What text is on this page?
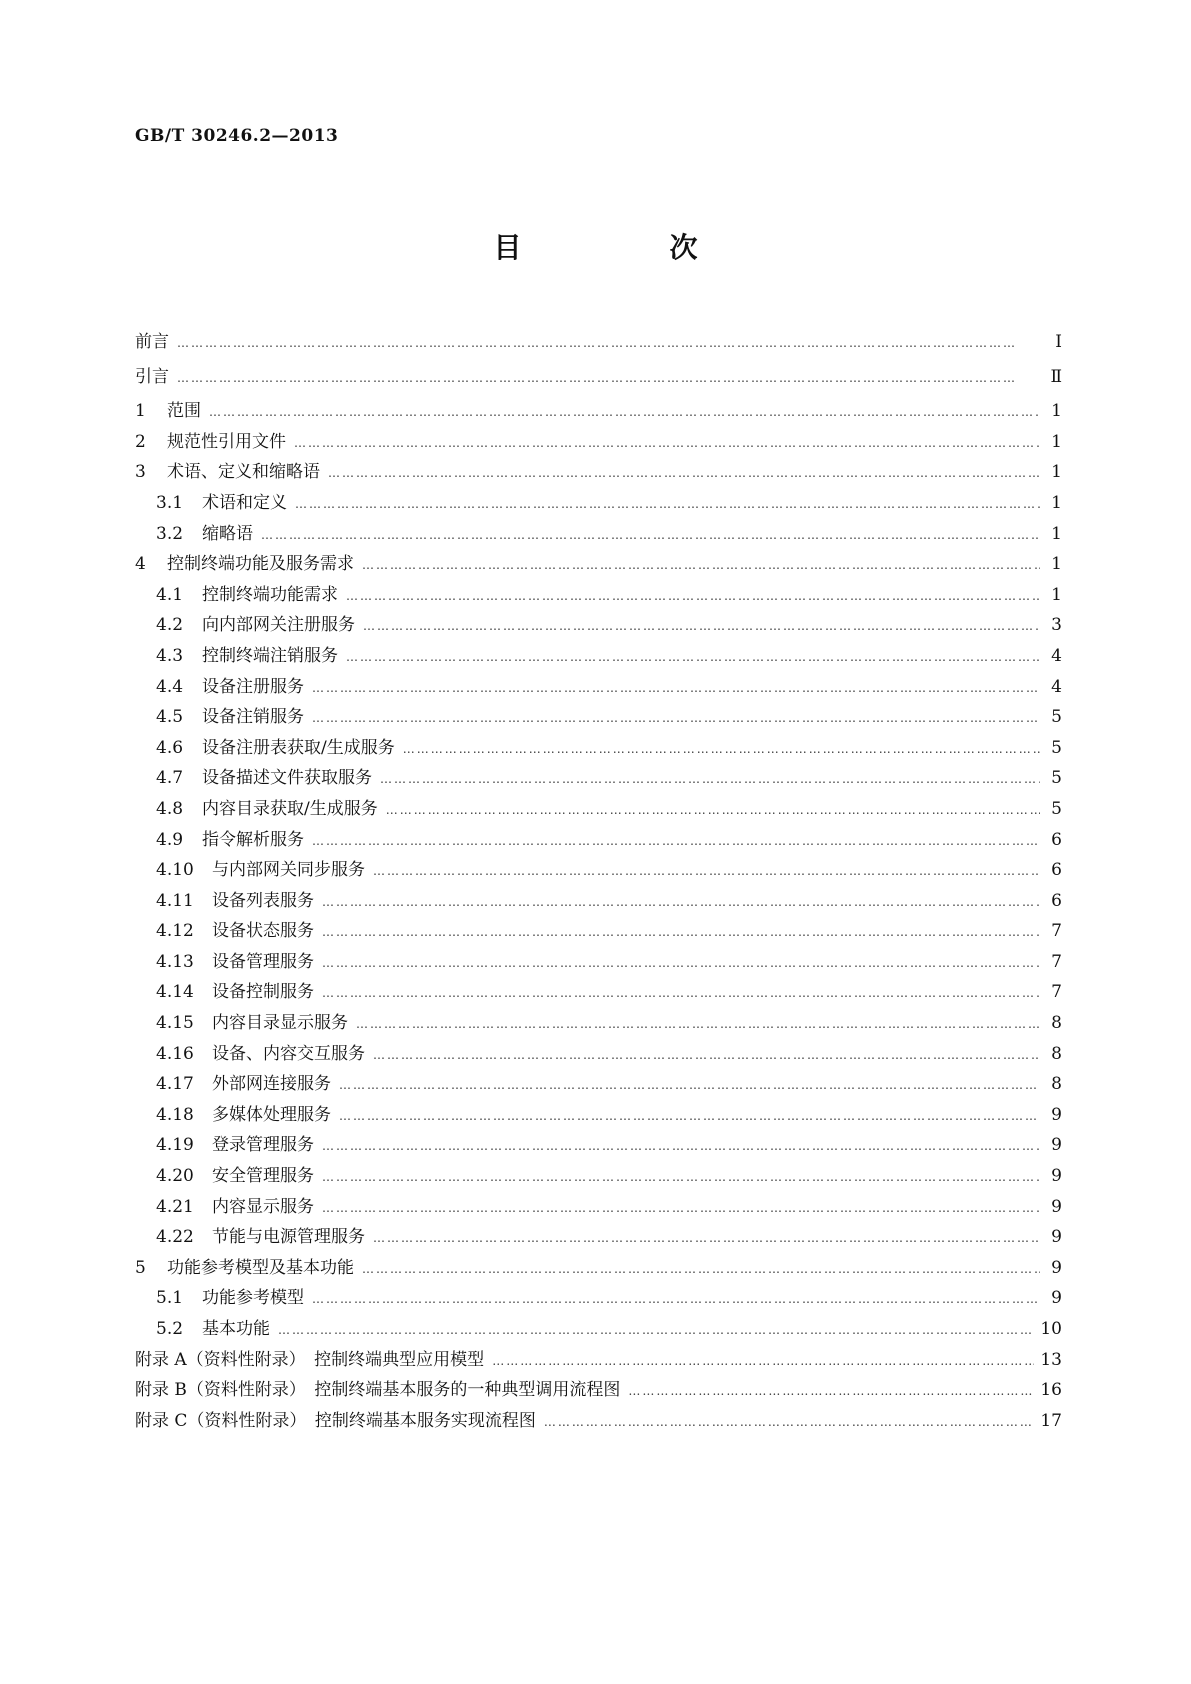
GB/T 30246.2—2013
目　次
前言 ………………………………………………………………………………………………………………………………………………………………	Ⅰ
引言 ………………………………………………………………………………………………………………………………………………………………	Ⅱ
1	范围 ………………………………………………………………………………………………………………………………………………………………	1
2	规范性引用文件 ………………………………………………………………………………………………………………………………………………………………	1
3	术语、定义和缩略语 ………………………………………………………………………………………………………………………………………………………………	1
3.1	术语和定义 ………………………………………………………………………………………………………………………………………………………………	1
3.2	缩略语 ………………………………………………………………………………………………………………………………………………………………	1
4	控制终端功能及服务需求 ………………………………………………………………………………………………………………………………………………………………	1
4.1	控制终端功能需求 ………………………………………………………………………………………………………………………………………………………………	1
4.2	向内部网关注册服务 ………………………………………………………………………………………………………………………………………………………………	3
4.3	控制终端注销服务 ………………………………………………………………………………………………………………………………………………………………	4
4.4	设备注册服务 ………………………………………………………………………………………………………………………………………………………………	4
4.5	设备注销服务 ………………………………………………………………………………………………………………………………………………………………	5
4.6	设备注册表获取/生成服务 ………………………………………………………………………………………………………………………………………………………………	5
4.7	设备描述文件获取服务 ………………………………………………………………………………………………………………………………………………………………	5
4.8	内容目录获取/生成服务 ………………………………………………………………………………………………………………………………………………………………	5
4.9	指令解析服务 ………………………………………………………………………………………………………………………………………………………………	6
4.10	与内部网关同步服务 ………………………………………………………………………………………………………………………………………………………………	6
4.11	设备列表服务 ………………………………………………………………………………………………………………………………………………………………	6
4.12	设备状态服务 ………………………………………………………………………………………………………………………………………………………………	7
4.13	设备管理服务 ………………………………………………………………………………………………………………………………………………………………	7
4.14	设备控制服务 ………………………………………………………………………………………………………………………………………………………………	7
4.15	内容目录显示服务 ………………………………………………………………………………………………………………………………………………………………	8
4.16	设备、内容交互服务 ………………………………………………………………………………………………………………………………………………………………	8
4.17	外部网连接服务 ………………………………………………………………………………………………………………………………………………………………	8
4.18	多媒体处理服务 ………………………………………………………………………………………………………………………………………………………………	9
4.19	登录管理服务 ………………………………………………………………………………………………………………………………………………………………	9
4.20	安全管理服务 ………………………………………………………………………………………………………………………………………………………………	9
4.21	内容显示服务 ………………………………………………………………………………………………………………………………………………………………	9
4.22	节能与电源管理服务 ………………………………………………………………………………………………………………………………………………………………	9
5	功能参考模型及基本功能 ………………………………………………………………………………………………………………………………………………………………	9
5.1	功能参考模型 ………………………………………………………………………………………………………………………………………………………………	9
5.2	基本功能 ………………………………………………………………………………………………………………………………………………………………	10
附录 A（资料性附录）　控制终端典型应用模型 ………………………………………………………………………………………………………………………………………………………………	13
附录 B（资料性附录）　控制终端基本服务的一种典型调用流程图 ………………………………………………………………………………………………………………………………………………………………	16
附录 C（资料性附录）　控制终端基本服务实现流程图 ………………………………………………………………………………………………………………………………………………………………	17
